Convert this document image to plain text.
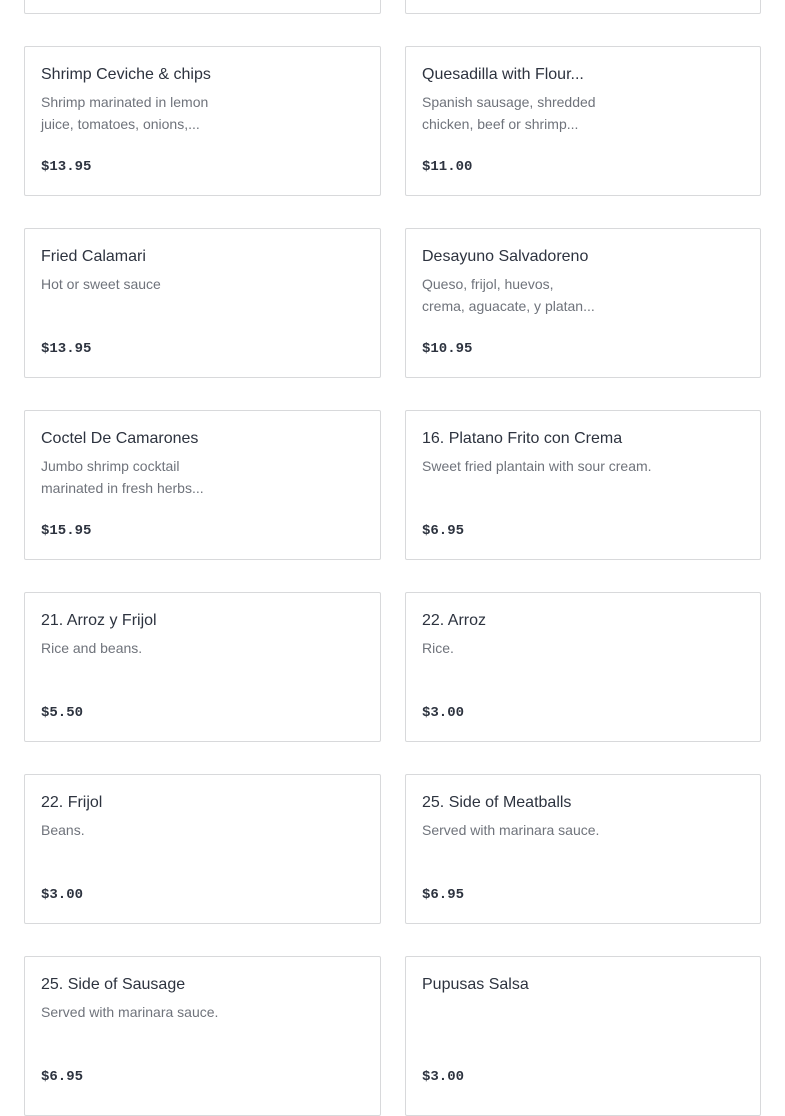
Shrimp Ceviche & chips
Shrimp marinated in lemon
juice, tomatoes, onions,...
$13.95
Quesadilla with Flour...
Spanish sausage, shredded
chicken, beef or shrimp...
$11.00
Fried Calamari
Hot or sweet sauce
$13.95
Desayuno Salvadoreno
Queso, frijol, huevos,
crema, aguacate, y platan...
$10.95
Coctel De Camarones
Jumbo shrimp cocktail
marinated in fresh herbs...
$15.95
16. Platano Frito con Crema
Sweet fried plantain with sour cream.
$6.95
21. Arroz y Frijol
Rice and beans.
$5.50
22. Arroz
Rice.
$3.00
22. Frijol
Beans.
$3.00
25. Side of Meatballs
Served with marinara sauce.
$6.95
25. Side of Sausage
Served with marinara sauce.
$6.95
Pupusas Salsa
$3.00
